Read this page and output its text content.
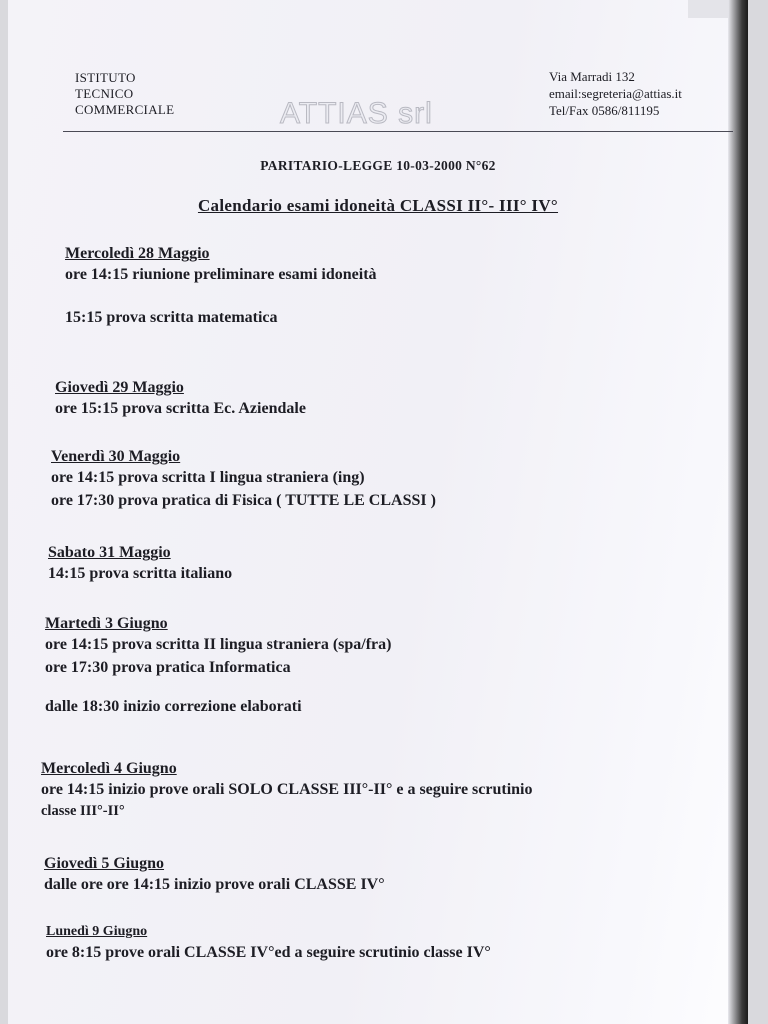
ISTITUTO
TECNICO
COMMERCIALE	ATTIAS srl
Via Marradi 132
email:segreteria@attias.it
Tel/Fax 0586/811195
PARITARIO-LEGGE 10-03-2000 N°62
Calendario esami idoneità CLASSI II°- III° IV°
Mercoledì 28 Maggio
ore 14:15 riunione preliminare esami idoneità
15:15 prova scritta matematica
Giovedì 29 Maggio
ore 15:15 prova scritta Ec. Aziendale
Venerdì 30 Maggio
ore 14:15 prova scritta I lingua straniera (ing)
ore 17:30 prova pratica di Fisica ( TUTTE LE CLASSI )
Sabato 31 Maggio
14:15 prova scritta italiano
Martedì 3 Giugno
ore 14:15 prova scritta II lingua straniera (spa/fra)
ore 17:30 prova pratica Informatica
dalle 18:30 inizio correzione elaborati
Mercoledì 4 Giugno
ore 14:15 inizio prove orali SOLO CLASSE III°-II° e a seguire scrutinio
classe III°-II°
Giovedì 5 Giugno
dalle ore ore 14:15 inizio prove orali CLASSE IV°
Lunedì 9 Giugno
ore 8:15 prove orali CLASSE IV°ed a seguire scrutinio classe IV°
